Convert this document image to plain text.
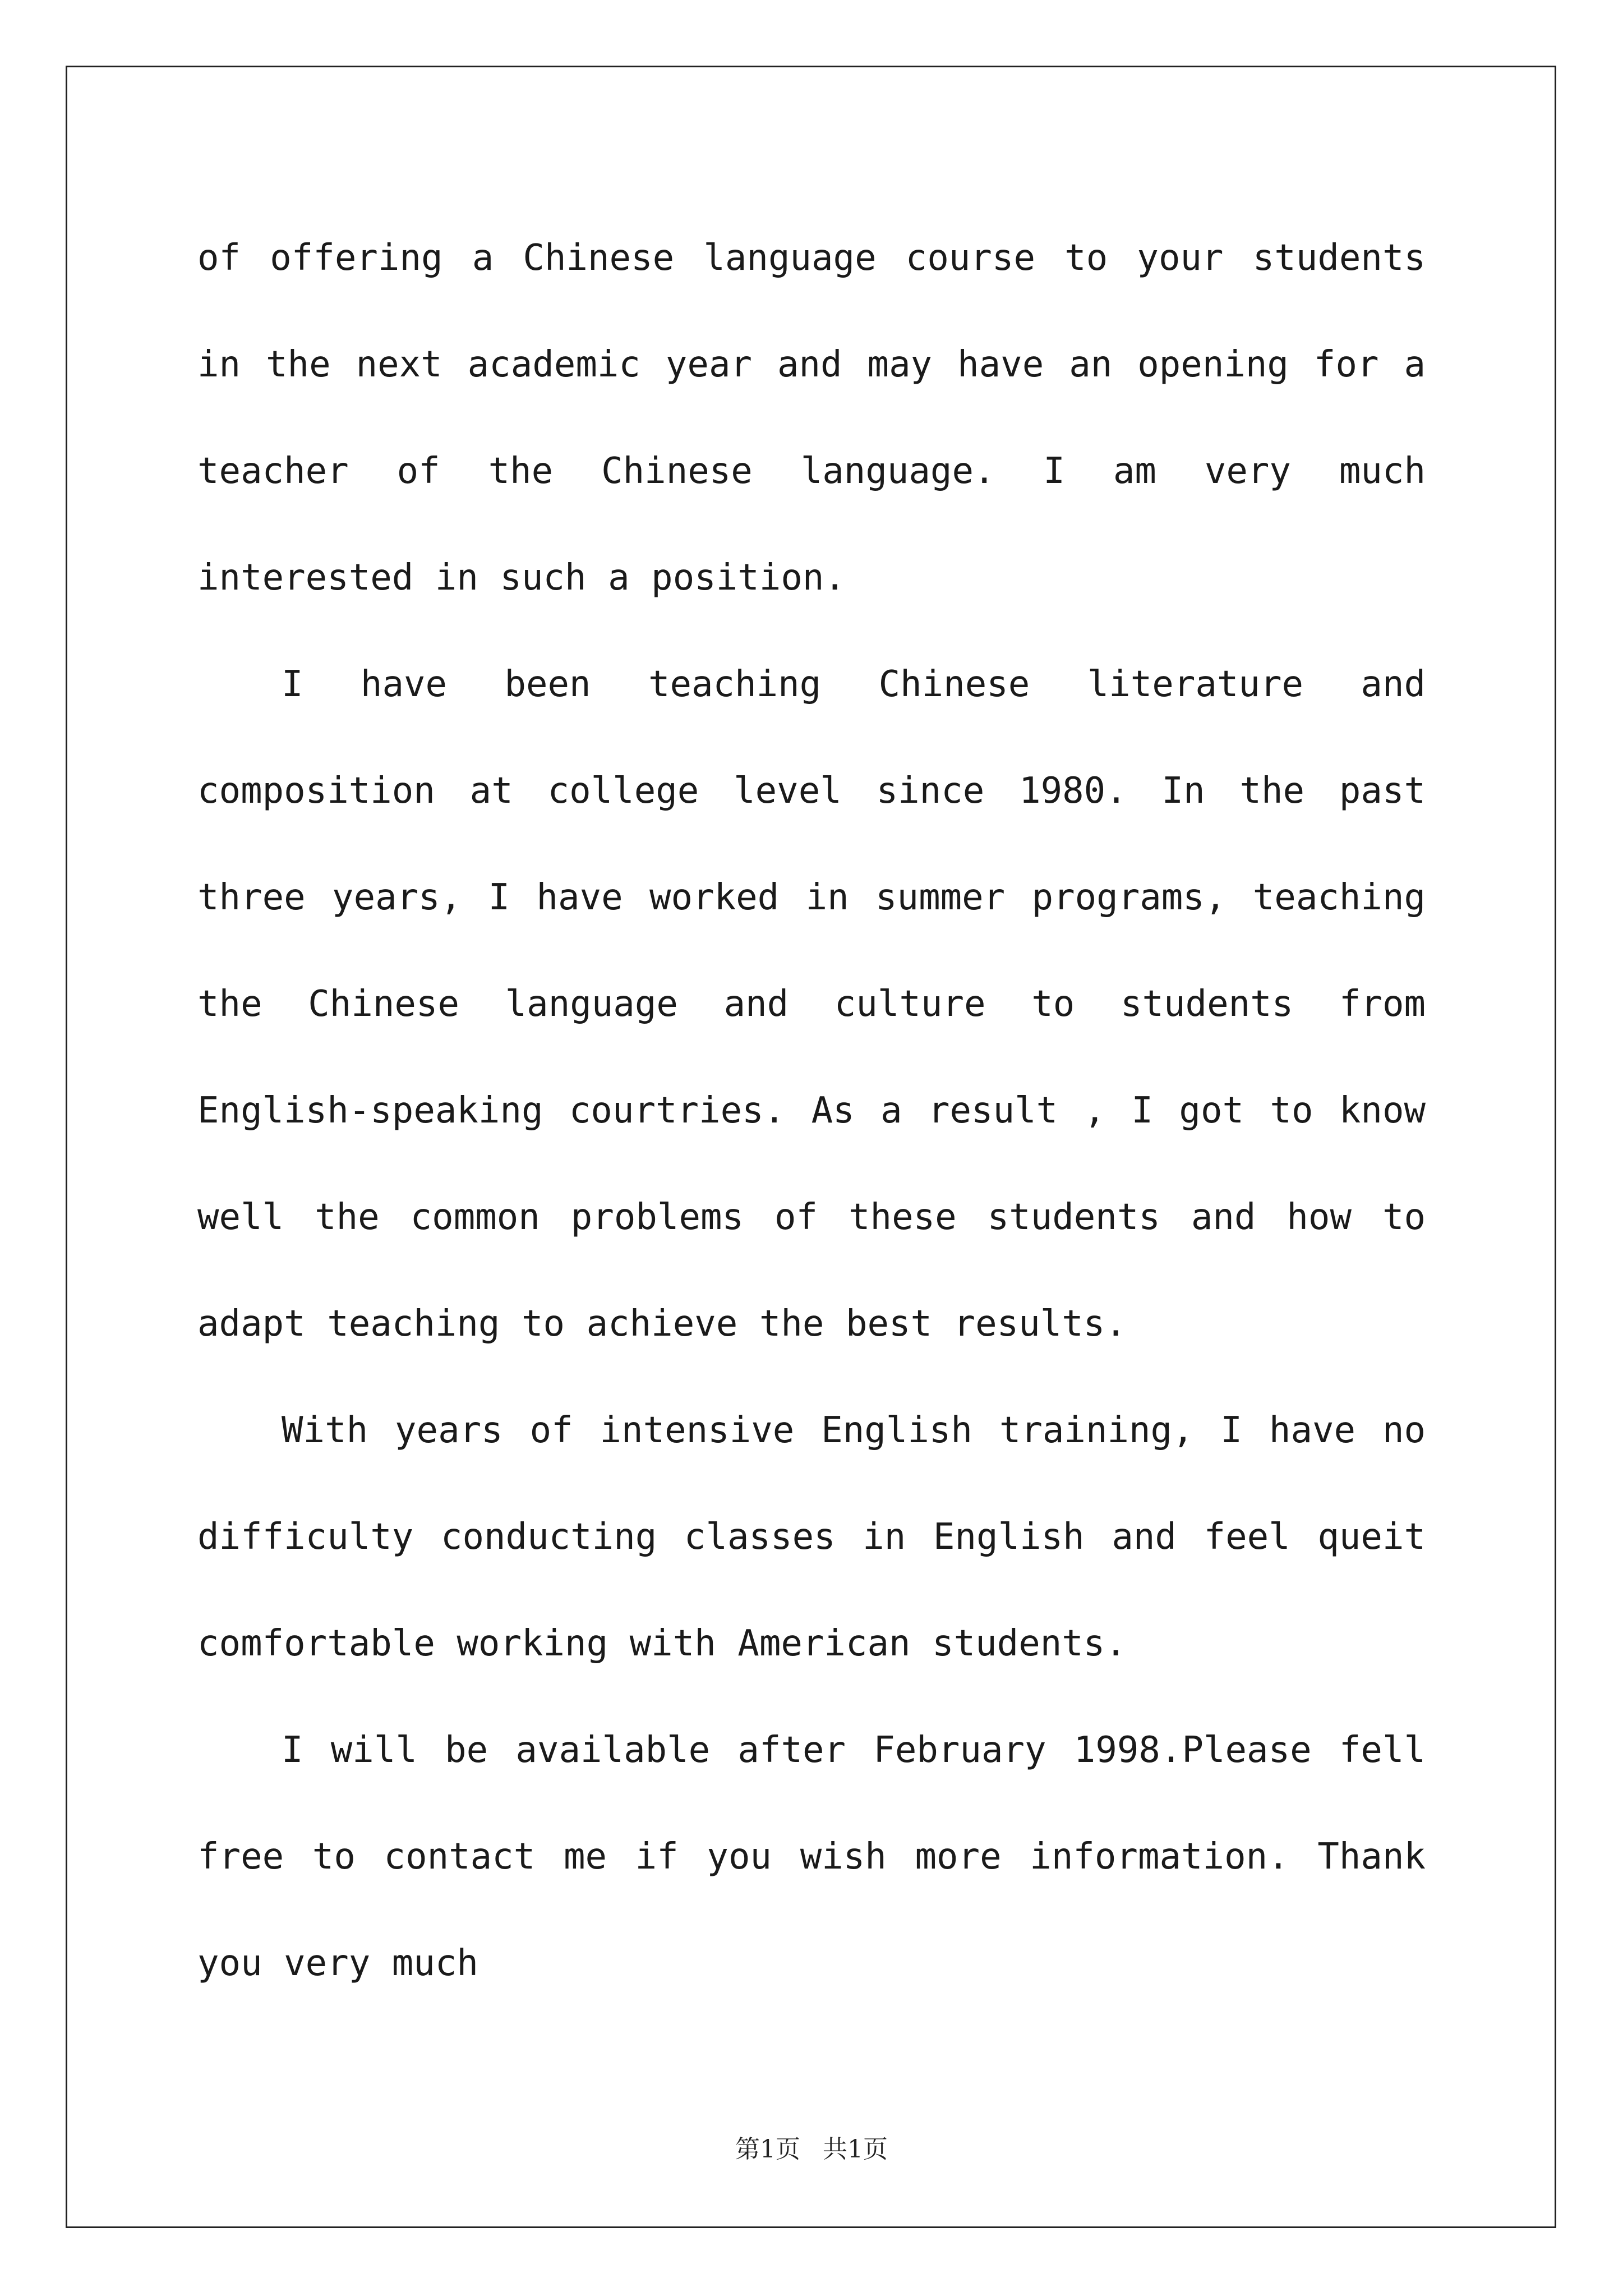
of offering a Chinese language course to your students in the next academic year and may have an opening for a teacher of the Chinese language. I am very much interested in such a position.

I have been teaching Chinese literature and composition at college level since 1980. In the past three years, I have worked in summer programs, teaching the Chinese language and culture to students from English-speaking courtries. As a result , I got to know well the common problems of these students and how to adapt teaching to achieve the best results.

With years of intensive English training, I have no difficulty conducting classes in English and feel queit comfortable working with American students.

I will be available after February 1998.Please fell free to contact me if you wish more information. Thank you very much

第1页 共1页
